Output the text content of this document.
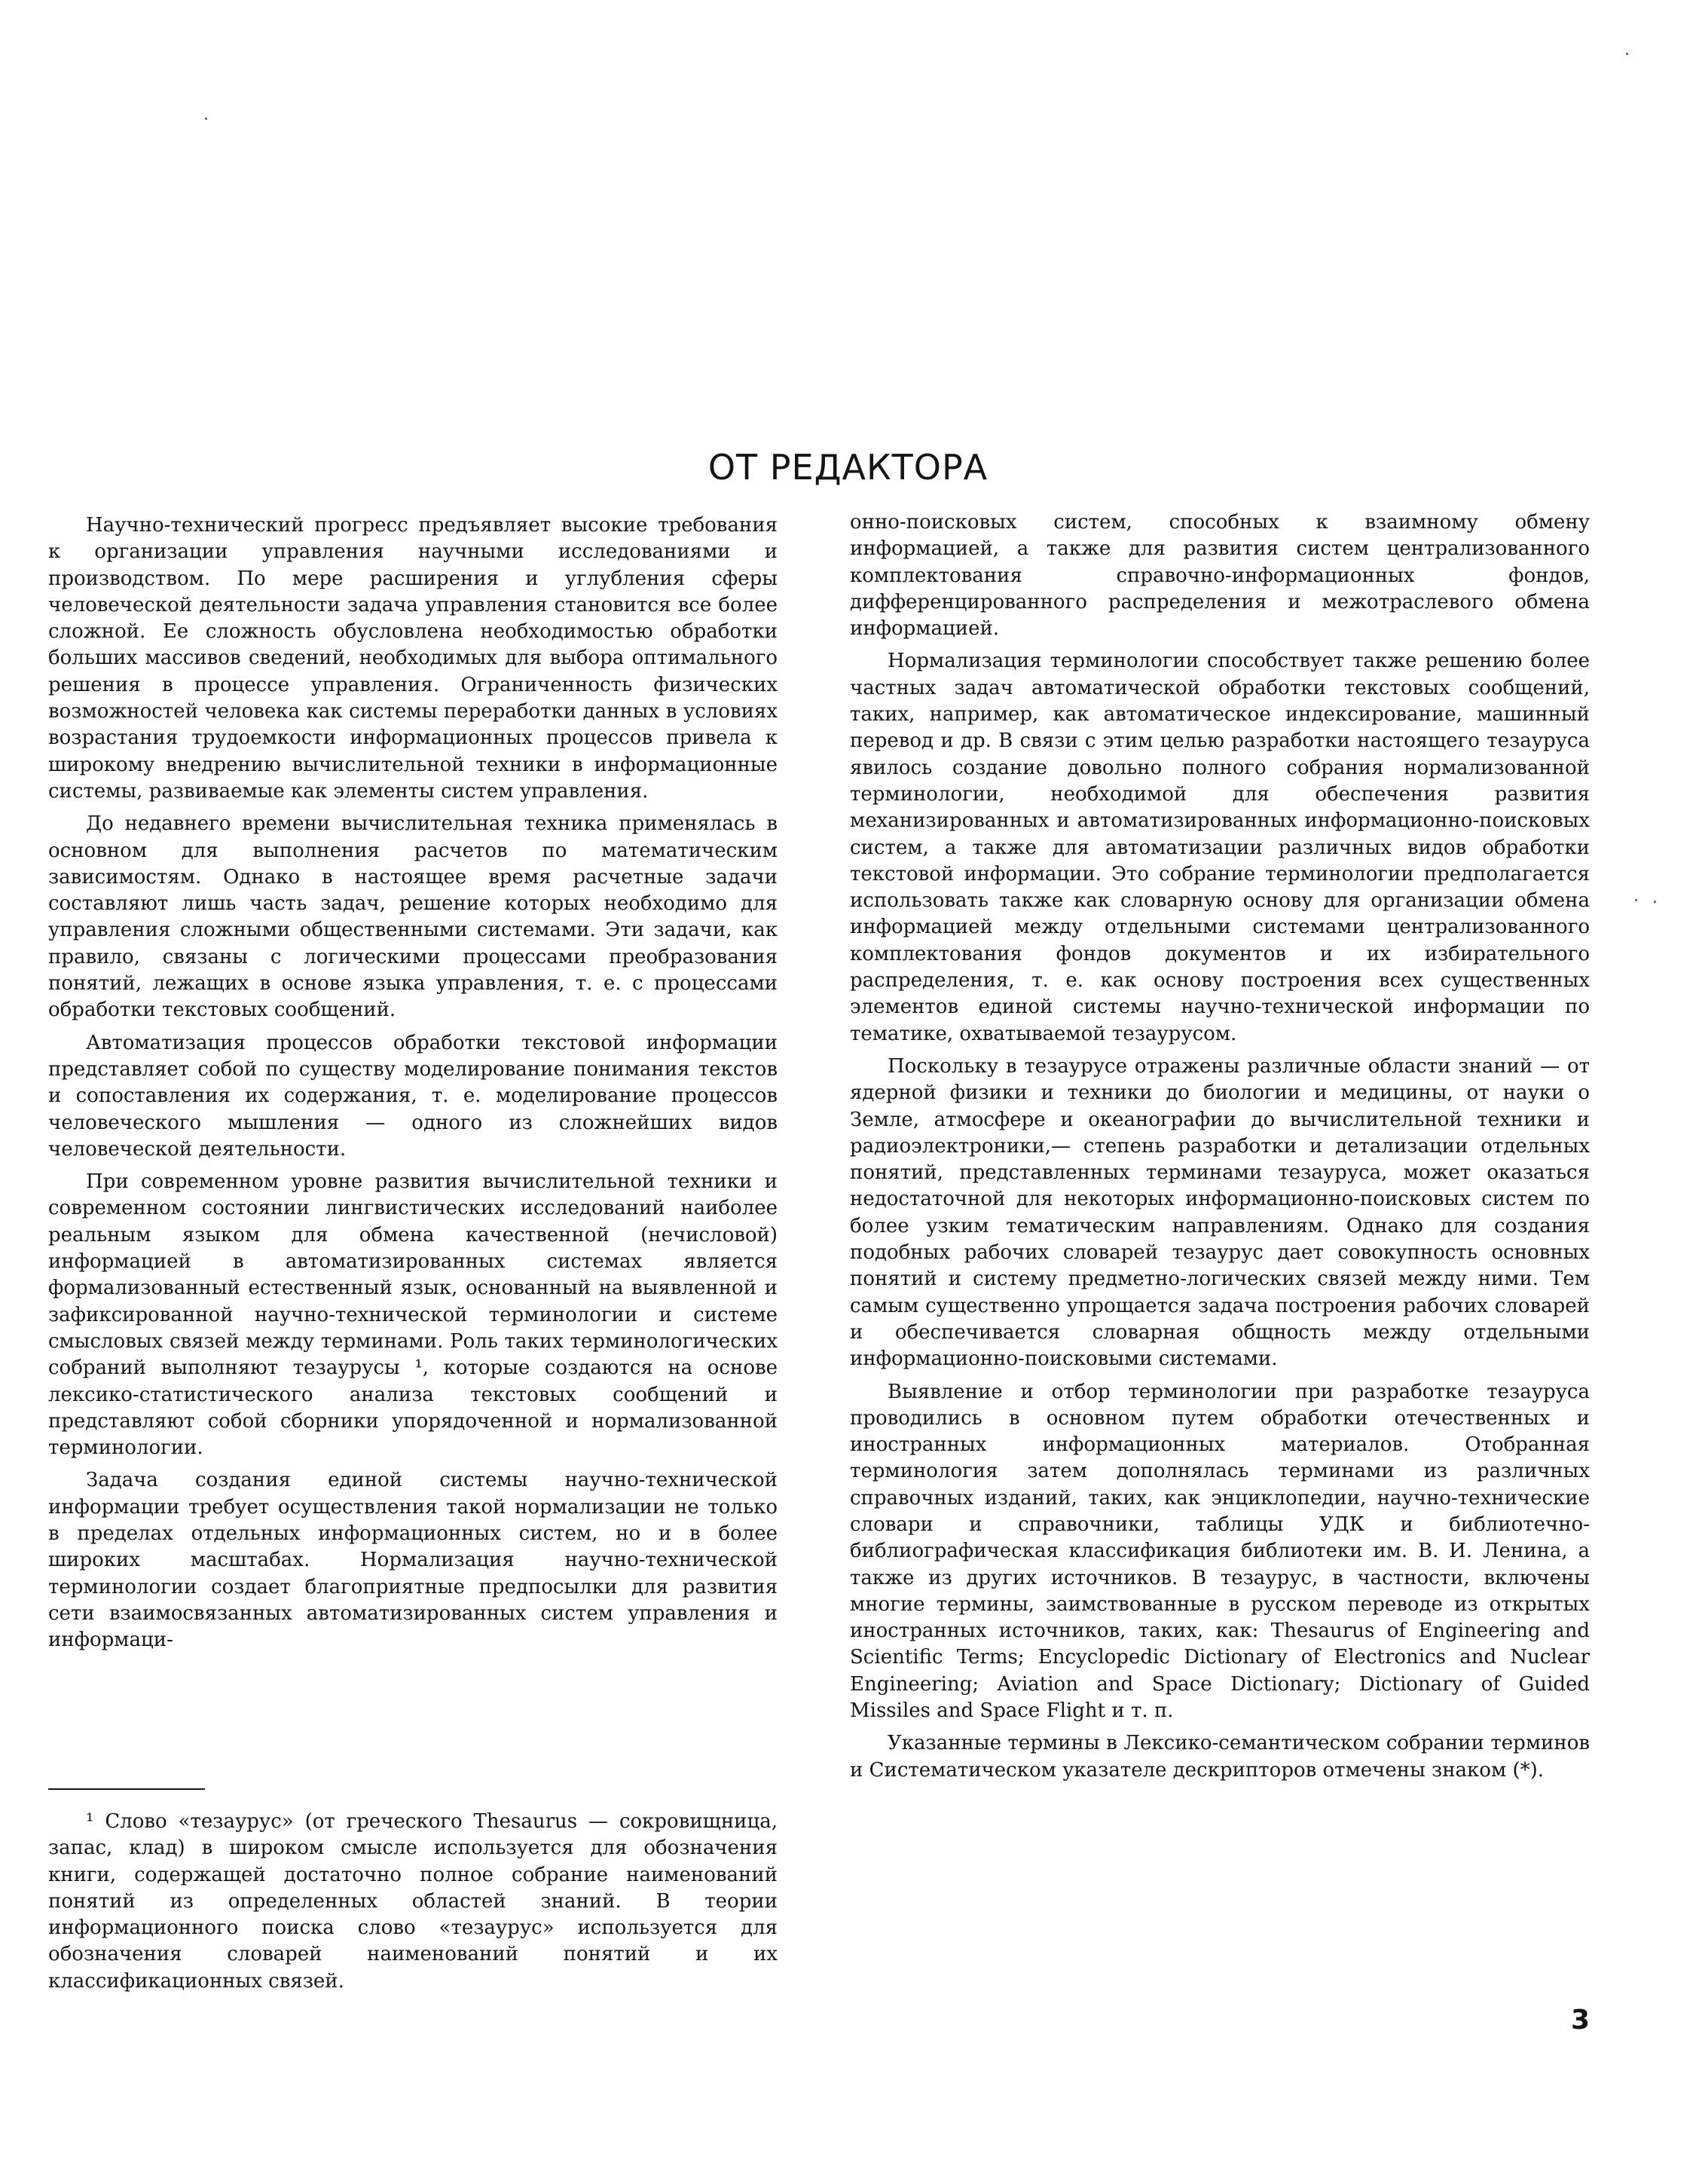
ОТ РЕДАКТОРА

Научно-технический прогресс предъявляет высокие требования к организации управления научными исследованиями и производством. По мере расширения и углубления сферы человеческой деятельности задача управления становится все более сложной. Ее сложность обусловлена необходимостью обработки больших массивов сведений, необходимых для выбора оптимального решения в процессе управления. Ограниченность физических возможностей человека как системы переработки данных в условиях возрастания трудоемкости информационных процессов привела к широкому внедрению вычислительной техники в информационные системы, развиваемые как элементы систем управления.

До недавнего времени вычислительная техника применялась в основном для выполнения расчетов по математическим зависимостям. Однако в настоящее время расчетные задачи составляют лишь часть задач, решение которых необходимо для управления сложными общественными системами. Эти задачи, как правило, связаны с логическими процессами преобразования понятий, лежащих в основе языка управления, т. е. с процессами обработки текстовых сообщений.

Автоматизация процессов обработки текстовой информации представляет собой по существу моделирование понимания текстов и сопоставления их содержания, т. е. моделирование процессов человеческого мышления — одного из сложнейших видов человеческой деятельности.

При современном уровне развития вычислительной техники и современном состоянии лингвистических исследований наиболее реальным языком для обмена качественной (нечисловой) информацией в автоматизированных системах является формализованный естественный язык, основанный на выявленной и зафиксированной научно-технической терминологии и системе смысловых связей между терминами. Роль таких терминологических собраний выполняют тезаурусы ¹, которые создаются на основе лексико-статистического анализа текстовых сообщений и представляют собой сборники упорядоченной и нормализованной терминологии.

Задача создания единой системы научно-технической информации требует осуществления такой нормализации не только в пределах отдельных информационных систем, но и в более широких масштабах. Нормализация научно-технической терминологии создает благоприятные предпосылки для развития сети взаимосвязанных автоматизированных систем управления и информаци-

онно-поисковых систем, способных к взаимному обмену информацией, а также для развития систем централизованного комплектования справочно-информационных фондов, дифференцированного распределения и межотраслевого обмена информацией.

Нормализация терминологии способствует также решению более частных задач автоматической обработки текстовых сообщений, таких, например, как автоматическое индексирование, машинный перевод и др. В связи с этим целью разработки настоящего тезауруса явилось создание довольно полного собрания нормализованной терминологии, необходимой для обеспечения развития механизированных и автоматизированных информационно-поисковых систем, а также для автоматизации различных видов обработки текстовой информации. Это собрание терминологии предполагается использовать также как словарную основу для организации обмена информацией между отдельными системами централизованного комплектования фондов документов и их избирательного распределения, т. е. как основу построения всех существенных элементов единой системы научно-технической информации по тематике, охватываемой тезаурусом.

Поскольку в тезаурусе отражены различные области знаний — от ядерной физики и техники до биологии и медицины, от науки о Земле, атмосфере и океанографии до вычислительной техники и радиоэлектроники,— степень разработки и детализации отдельных понятий, представленных терминами тезауруса, может оказаться недостаточной для некоторых информационно-поисковых систем по более узким тематическим направлениям. Однако для создания подобных рабочих словарей тезаурус дает совокупность основных понятий и систему предметно-логических связей между ними. Тем самым существенно упрощается задача построения рабочих словарей и обеспечивается словарная общность между отдельными информационно-поисковыми системами.

Выявление и отбор терминологии при разработке тезауруса проводились в основном путем обработки отечественных и иностранных информационных материалов. Отобранная терминология затем дополнялась терминами из различных справочных изданий, таких, как энциклопедии, научно-технические словари и справочники, таблицы УДК и библиотечно-библиографическая классификация библиотеки им. В. И. Ленина, а также из других источников. В тезаурус, в частности, включены многие термины, заимствованные в русском переводе из открытых иностранных источников, таких, как: Thesaurus of Engineering and Scientific Terms; Encyclopedic Dictionary of Electronics and Nuclear Engineering; Aviation and Space Dictionary; Dictionary of Guided Missiles and Space Flight и т. п.

Указанные термины в Лексико-семантическом собрании терминов и Систематическом указателе дескрипторов отмечены знаком (*).

¹ Слово «тезаурус» (от греческого Thesaurus — сокровищница, запас, клад) в широком смысле используется для обозначения книги, содержащей достаточно полное собрание наименований понятий из определенных областей знаний. В теории информационного поиска слово «тезаурус» используется для обозначения словарей наименований понятий и их классификационных связей.

3
